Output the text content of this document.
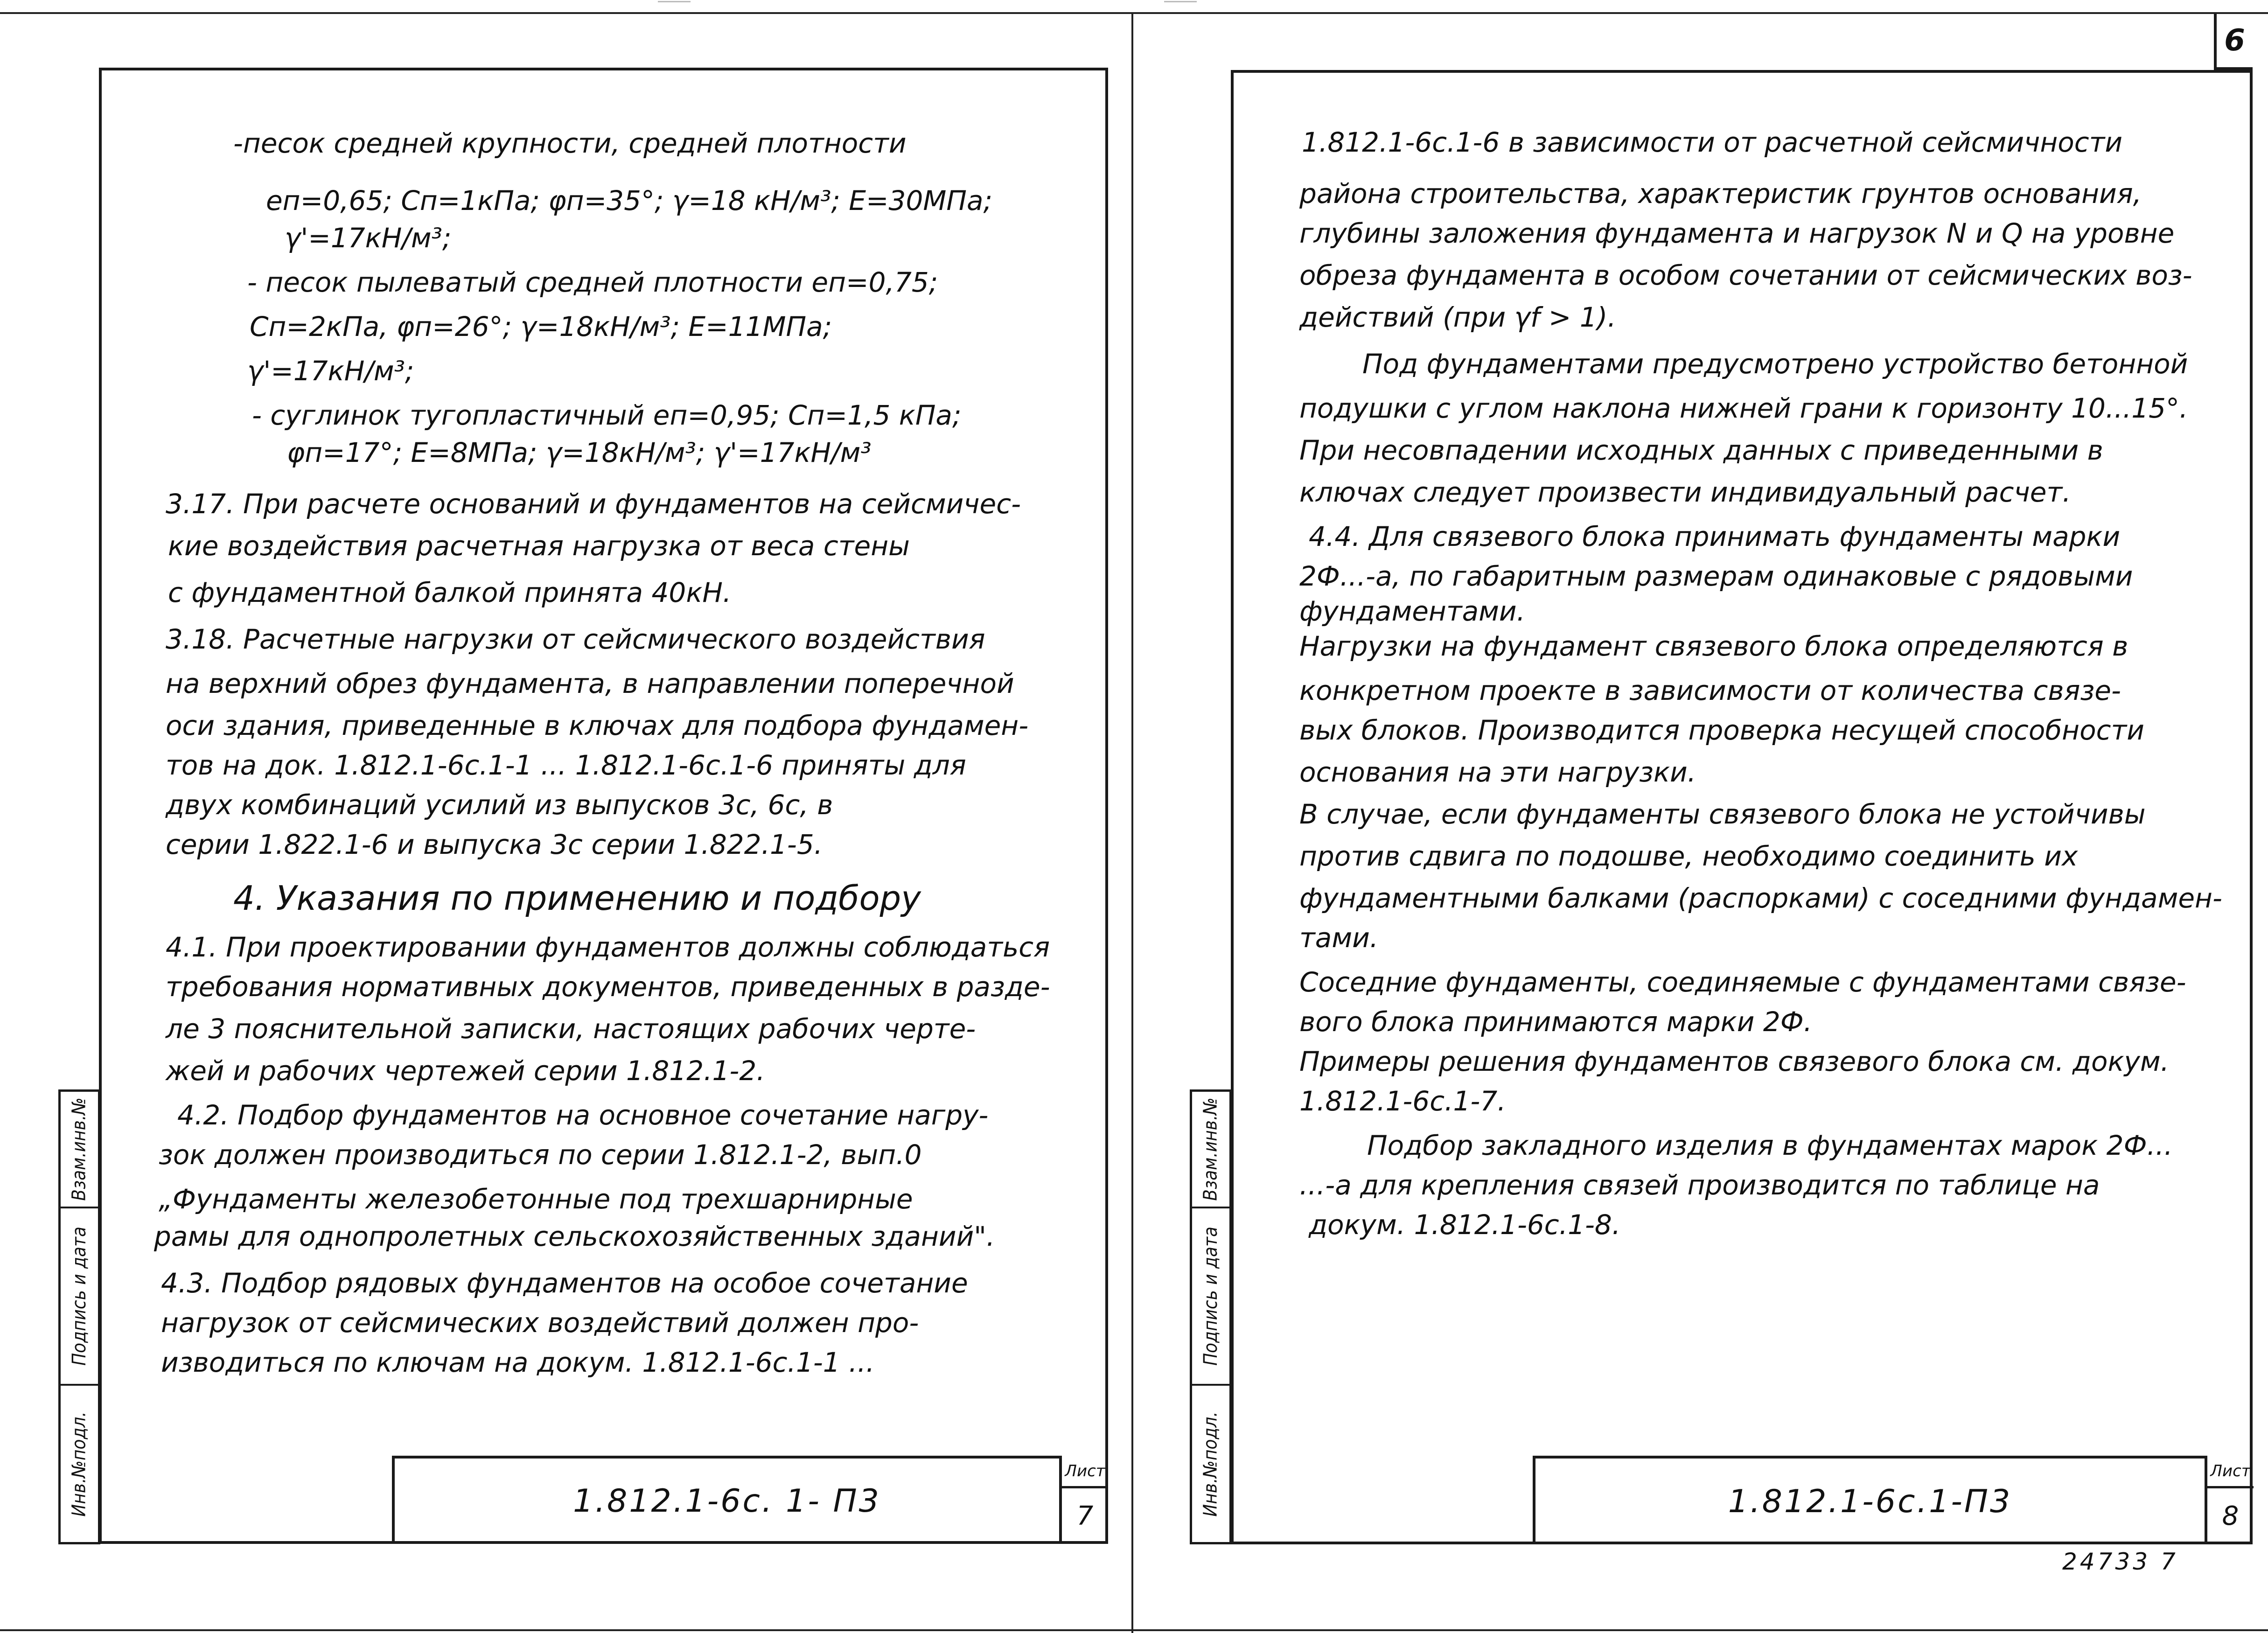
Взам.инв.№
Подпись и дата
Инв.№подл.
-песок средней крупности, средней плотности
еп=0,65; Сп=1кПа; φп=35°; γ=18 кН/м³; Е=30МПа;
γ'=17кН/м³;
- песок пылеватый средней плотности еп=0,75;
Сп=2кПа, φп=26°; γ=18кН/м³; Е=11МПа;
γ'=17кН/м³;
- суглинок тугопластичный еп=0,95; Сп=1,5 кПа;
φп=17°; Е=8МПа; γ=18кН/м³; γ'=17кН/м³
3.17. При расчете оснований и фундаментов на сейсмичес-
кие воздействия расчетная нагрузка от веса стены
с фундаментной балкой принята 40кН.
3.18. Расчетные нагрузки от сейсмического воздействия
на верхний обрез фундамента, в направлении поперечной
оси здания, приведенные в ключах для подбора фундамен-
тов на док. 1.812.1-6с.1-1 ... 1.812.1-6с.1-6 приняты для
двух комбинаций усилий из выпусков 3с, 6с, в
серии 1.822.1-6 и выпуска 3с серии 1.822.1-5.
4. Указания по применению и подбору
4.1. При проектировании фундаментов должны соблюдаться
требования нормативных документов, приведенных в разде-
ле 3 пояснительной записки, настоящих рабочих черте-
жей и рабочих чертежей серии 1.812.1-2.
4.2. Подбор фундаментов на основное сочетание нагру-
зок должен производиться по серии 1.812.1-2, вып.0
„Фундаменты железобетонные под трехшарнирные
рамы для однопролетных сельскохозяйственных зданий".
4.3. Подбор рядовых фундаментов на особое сочетание
нагрузок от сейсмических воздействий должен про-
изводиться по ключам на докум. 1.812.1-6с.1-1 ...
1.812.1-6с. 1- П3
Лист
7
6
Взам.инв.№
Подпись и дата
Инв.№подл.
1.812.1-6с.1-6 в зависимости от расчетной сейсмичности
района строительства, характеристик грунтов основания,
глубины заложения фундамента и нагрузок N и Q на уровне
обреза фундамента в особом сочетании от сейсмических воз-
действий (при γf > 1).
Под фундаментами предусмотрено устройство бетонной
подушки с углом наклона нижней грани к горизонту 10...15°.
При несовпадении исходных данных с приведенными в
ключах следует произвести индивидуальный расчет.
4.4. Для связевого блока принимать фундаменты марки
2Ф...-а, по габаритным размерам одинаковые с рядовыми
фундаментами.
Нагрузки на фундамент связевого блока определяются в
конкретном проекте в зависимости от количества связе-
вых блоков. Производится проверка несущей способности
основания на эти нагрузки.
В случае, если фундаменты связевого блока не устойчивы
против сдвига по подошве, необходимо соединить их
фундаментными балками (распорками) с соседними фундамен-
тами.
Соседние фундаменты, соединяемые с фундаментами связе-
вого блока принимаются марки 2Ф.
Примеры решения фундаментов связевого блока см. докум.
1.812.1-6с.1-7.
Подбор закладного изделия в фундаментах марок 2Ф...
...-а для крепления связей производится по таблице на
докум. 1.812.1-6с.1-8.
1.812.1-6с.1-П3
Лист
8
24733 7
